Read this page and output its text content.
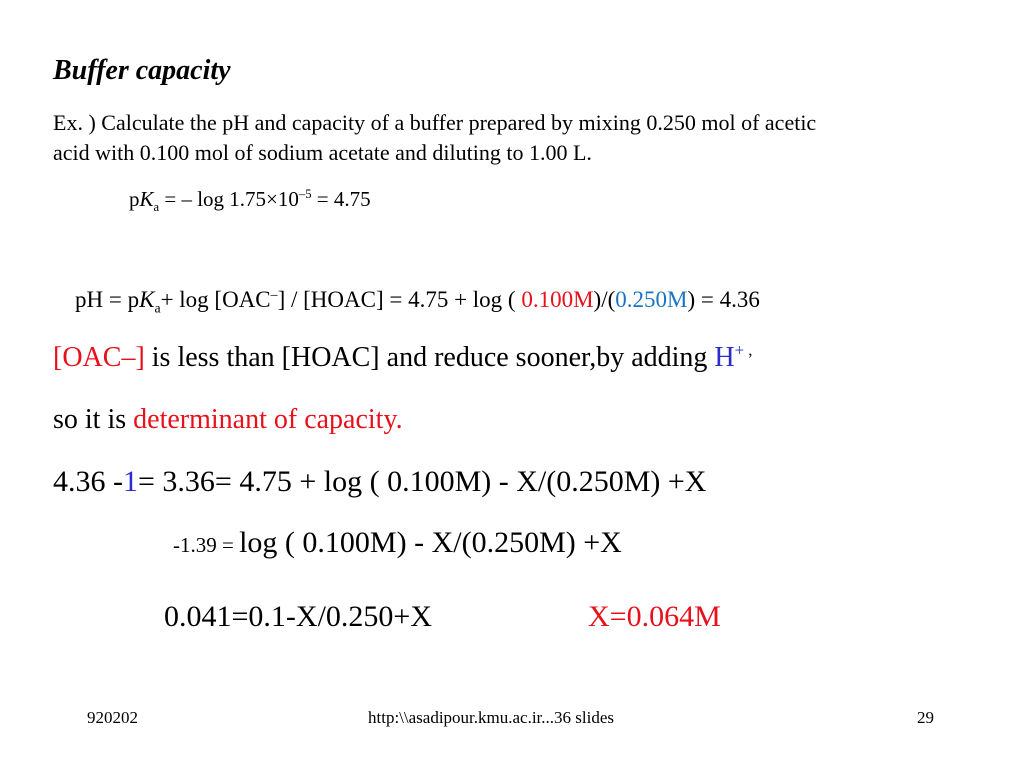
Buffer capacity
Ex. ) Calculate the pH and capacity of a buffer prepared by mixing 0.250 mol of acetic
acid with 0.100 mol of sodium acetate and diluting to 1.00 L.
$pK_a$ = – $\log 1.75\times 10^{-5} = 4.75$
pH = $pK_a+ \log [OAC^-]$ / [HOAC] = 4.75 + log ( 0.100M)/(0.250M) = 4.36
[OAC–] is less than [HOAC] and reduce sooner,by adding H+ ,
so it is determinant of capacity.
4.36 -1= 3.36= 4.75 + log ( 0.100M) - X/(0.250M) +X
-1.39 = log ( 0.100M) - X/(0.250M) +X
0.041=0.1-X/0.250+X	X=0.064M
920202	http:\\asadipour.kmu.ac.ir...36 slides	29
